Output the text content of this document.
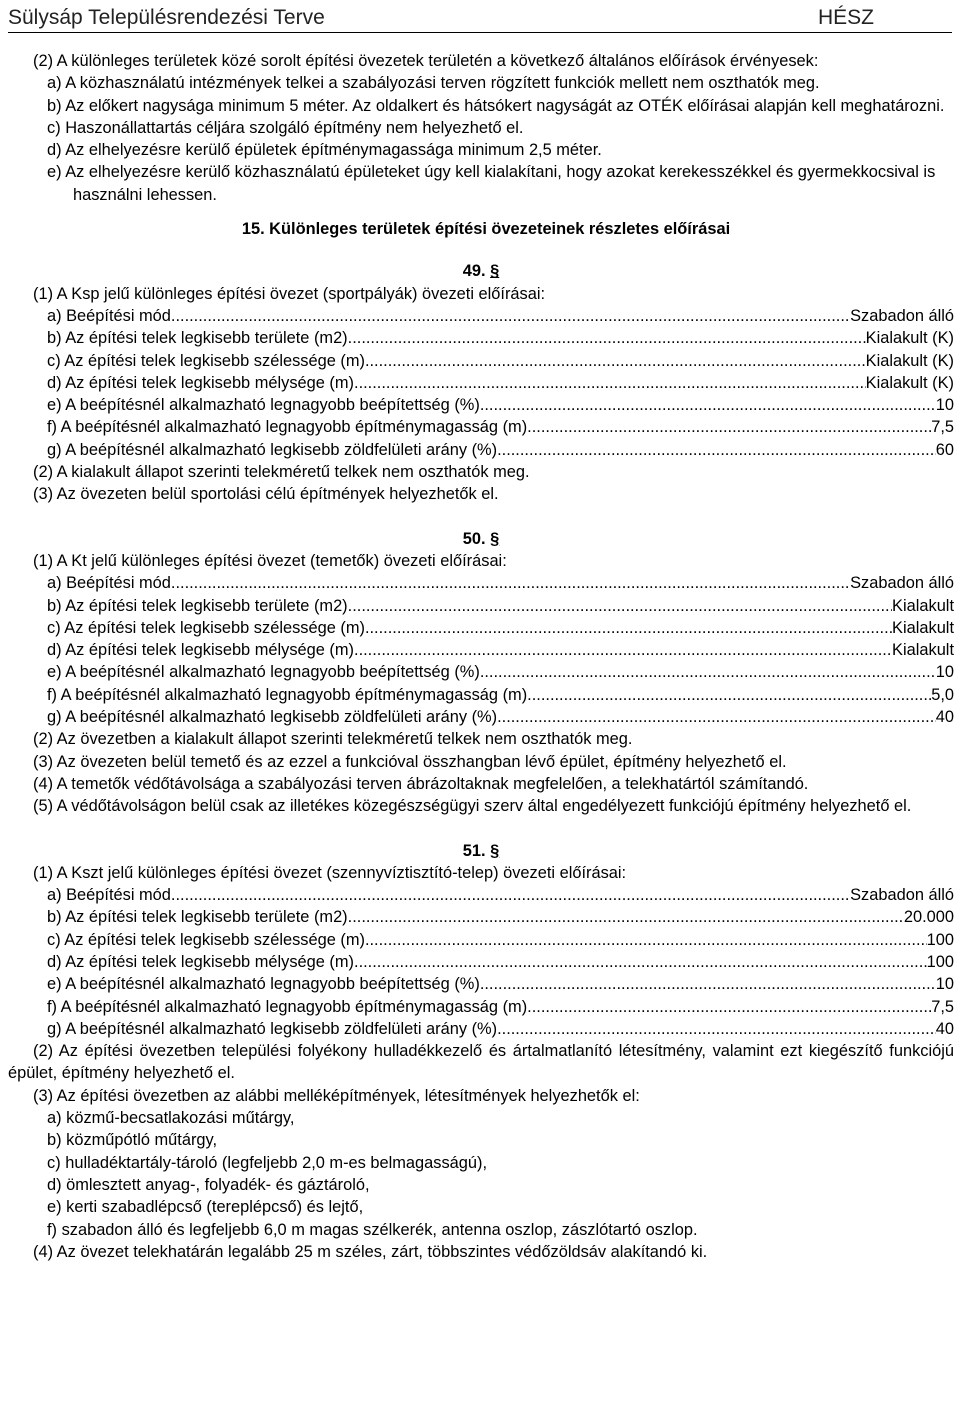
Sülysáp Településrendezési Terve	HÉSZ

(2) A különleges területek közé sorolt építési övezetek területén a következő általános előírások érvényesek:

a) A közhasználatú intézmények telkei a szabályozási terven rögzített funkciók mellett nem oszthatók meg.

b) Az előkert nagysága minimum 5 méter. Az oldalkert és hátsókert nagyságát az OTÉK előírásai alapján kell meghatározni.

c) Haszonállattartás céljára szolgáló építmény nem helyezhető el.

d) Az elhelyezésre kerülő épületek építménymagassága minimum 2,5 méter.

e) Az elhelyezésre kerülő közhasználatú épületeket úgy kell kialakítani, hogy azokat kerekesszékkel és gyermekkocsival is használni lehessen.

15. Különleges területek építési övezeteinek részletes előírásai

49. §

(1) A Ksp jelű különleges építési övezet (sportpályák) övezeti előírásai:

a) Beépítési mód .....	Szabadon álló
b) Az építési telek legkisebb területe (m2) .....	Kialakult (K)
c) Az építési telek legkisebb szélessége (m) .....	Kialakult (K)
d) Az építési telek legkisebb mélysége (m) .....	Kialakult (K)
e) A beépítésnél alkalmazható legnagyobb beépítettség (%) .....	10
f) A beépítésnél alkalmazható legnagyobb építménymagasság (m) .....	7,5
g) A beépítésnél alkalmazható legkisebb zöldfelületi arány (%) .....	60

(2) A kialakult állapot szerinti telekméretű telkek nem oszthatók meg.

(3) Az övezeten belül sportolási célú építmények helyezhetők el.

50. §

(1) A Kt jelű különleges építési övezet (temetők) övezeti előírásai:

a) Beépítési mód .....	Szabadon álló
b) Az építési telek legkisebb területe (m2) .....	Kialakult
c) Az építési telek legkisebb szélessége (m) .....	Kialakult
d) Az építési telek legkisebb mélysége (m) .....	Kialakult
e) A beépítésnél alkalmazható legnagyobb beépítettség (%) .....	10
f) A beépítésnél alkalmazható legnagyobb építménymagasság (m) .....	5,0
g) A beépítésnél alkalmazható legkisebb zöldfelületi arány (%) .....	40

(2) Az övezetben a kialakult állapot szerinti telekméretű telkek nem oszthatók meg.

(3) Az övezeten belül temető és az ezzel a funkcióval összhangban lévő épület, építmény helyezhető el.

(4) A temetők védőtávolsága a szabályozási terven ábrázoltaknak megfelelően, a telekhatártól számítandó.

(5) A védőtávolságon belül csak az illetékes közegészségügyi szerv által engedélyezett funkciójú építmény helyezhető el.

51. §

(1) A Kszt jelű különleges építési övezet (szennyvíztisztító-telep) övezeti előírásai:

a) Beépítési mód .....	Szabadon álló
b) Az építési telek legkisebb területe (m2) .....	20.000
c) Az építési telek legkisebb szélessége (m) .....	100
d) Az építési telek legkisebb mélysége (m) .....	100
e) A beépítésnél alkalmazható legnagyobb beépítettség (%) .....	10
f) A beépítésnél alkalmazható legnagyobb építménymagasság (m) .....	7,5
g) A beépítésnél alkalmazható legkisebb zöldfelületi arány (%) .....	40

(2) Az építési övezetben települési folyékony hulladékkezelő és ártalmatlanító létesítmény, valamint ezt kiegészítő funkciójú épület, építmény helyezhető el.

(3) Az építési övezetben az alábbi melléképítmények, létesítmények helyezhetők el:

a) közmű-becsatlakozási műtárgy,

b) közműpótló műtárgy,

c) hulladéktartály-tároló (legfeljebb 2,0 m-es belmagasságú),

d) ömlesztett anyag-, folyadék- és gáztároló,

e) kerti szabadlépcső (tereplépcső) és lejtő,

f) szabadon álló és legfeljebb 6,0 m magas szélkerék, antenna oszlop, zászlótartó oszlop.

(4) Az övezet telekhatárán legalább 25 m széles, zárt, többszintes védőzöldsáv alakítandó ki.
